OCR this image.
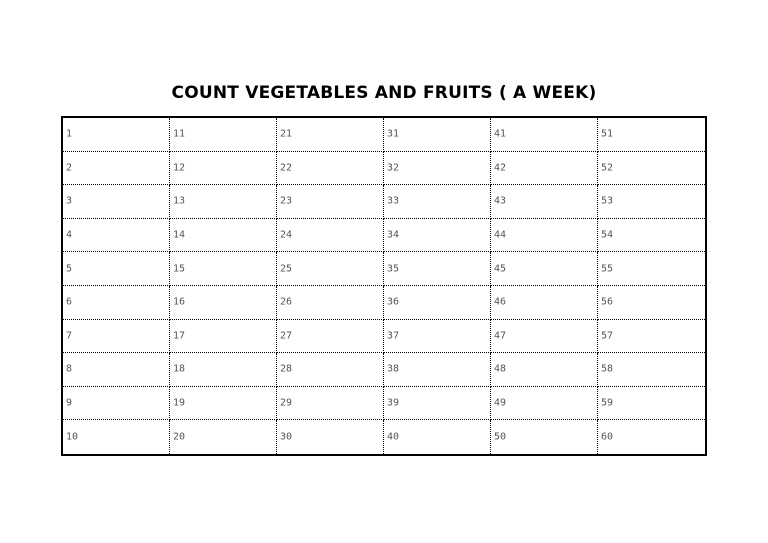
COUNT VEGETABLES AND FRUITS ( A WEEK)
1
2
3
4
5
6
7
8
9
10
11
12
13
14
15
16
17
18
19
20
21
22
23
24
25
26
27
28
29
30
31
32
33
34
35
36
37
38
39
40
41
42
43
44
45
46
47
48
49
50
51
52
53
54
55
56
57
58
59
60
